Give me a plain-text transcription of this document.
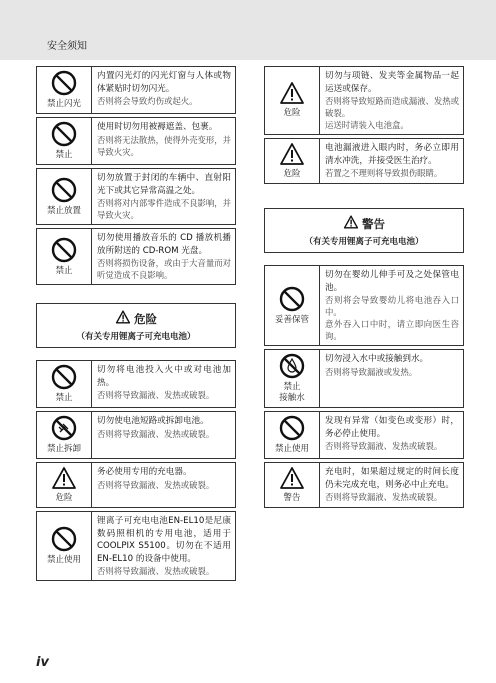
安全须知
禁止闪光
内置闪光灯的闪光灯窗与人体或物体紧贴时切勿闪光。
否则将会导致灼伤或起火。
禁止
使用时切勿用被褥遮盖、包裹。
否则将无法散热，使得外壳变形，并导致火灾。
禁止放置
切勿放置于封闭的车辆中、直射阳光下或其它异常高温之处。
否则将对内部零件造成不良影响，并导致火灾。
禁止
切勿使用播放音乐的 CD 播放机播放所附送的 CD-ROM 光盘。
否则将损伤设备，或由于大音量而对听觉造成不良影响。
危险
（有关专用锂离子可充电电池）
禁止
切勿将电池投入火中或对电池加热。
否则将导致漏液、发热或破裂。
禁止拆卸
切勿使电池短路或拆卸电池。
否则将导致漏液、发热或破裂。
危险
务必使用专用的充电器。
否则将导致漏液、发热或破裂。
禁止使用
锂离子可充电电池EN-EL10是尼康数码照相机的专用电池，适用于 COOLPIX S5100。切勿在不适用 EN-EL10 的设备中使用。
否则将导致漏液、发热或破裂。
危险
切勿与项链、发夹等金属物品一起运送或保存。
否则将导致短路而造成漏液、发热或破裂。
运送时请装入电池盒。
危险
电池漏液进入眼内时，务必立即用清水冲洗，并接受医生治疗。
若置之不理则将导致损伤眼睛。
警告
（有关专用锂离子可充电电池）
妥善保管
切勿在婴幼儿伸手可及之处保管电池。
否则将会导致婴幼儿将电池吞入口中。
意外吞入口中时，请立即向医生咨询。
禁止
接触水
切勿浸入水中或接触到水。
否则将导致漏液或发热。
禁止使用
发现有异常（如变色或变形）时，务必停止使用。
否则将导致漏液、发热或破裂。
警告
充电时，如果超过规定的时间长度仍未完成充电，则务必中止充电。
否则将导致漏液、发热或破裂。
iv
